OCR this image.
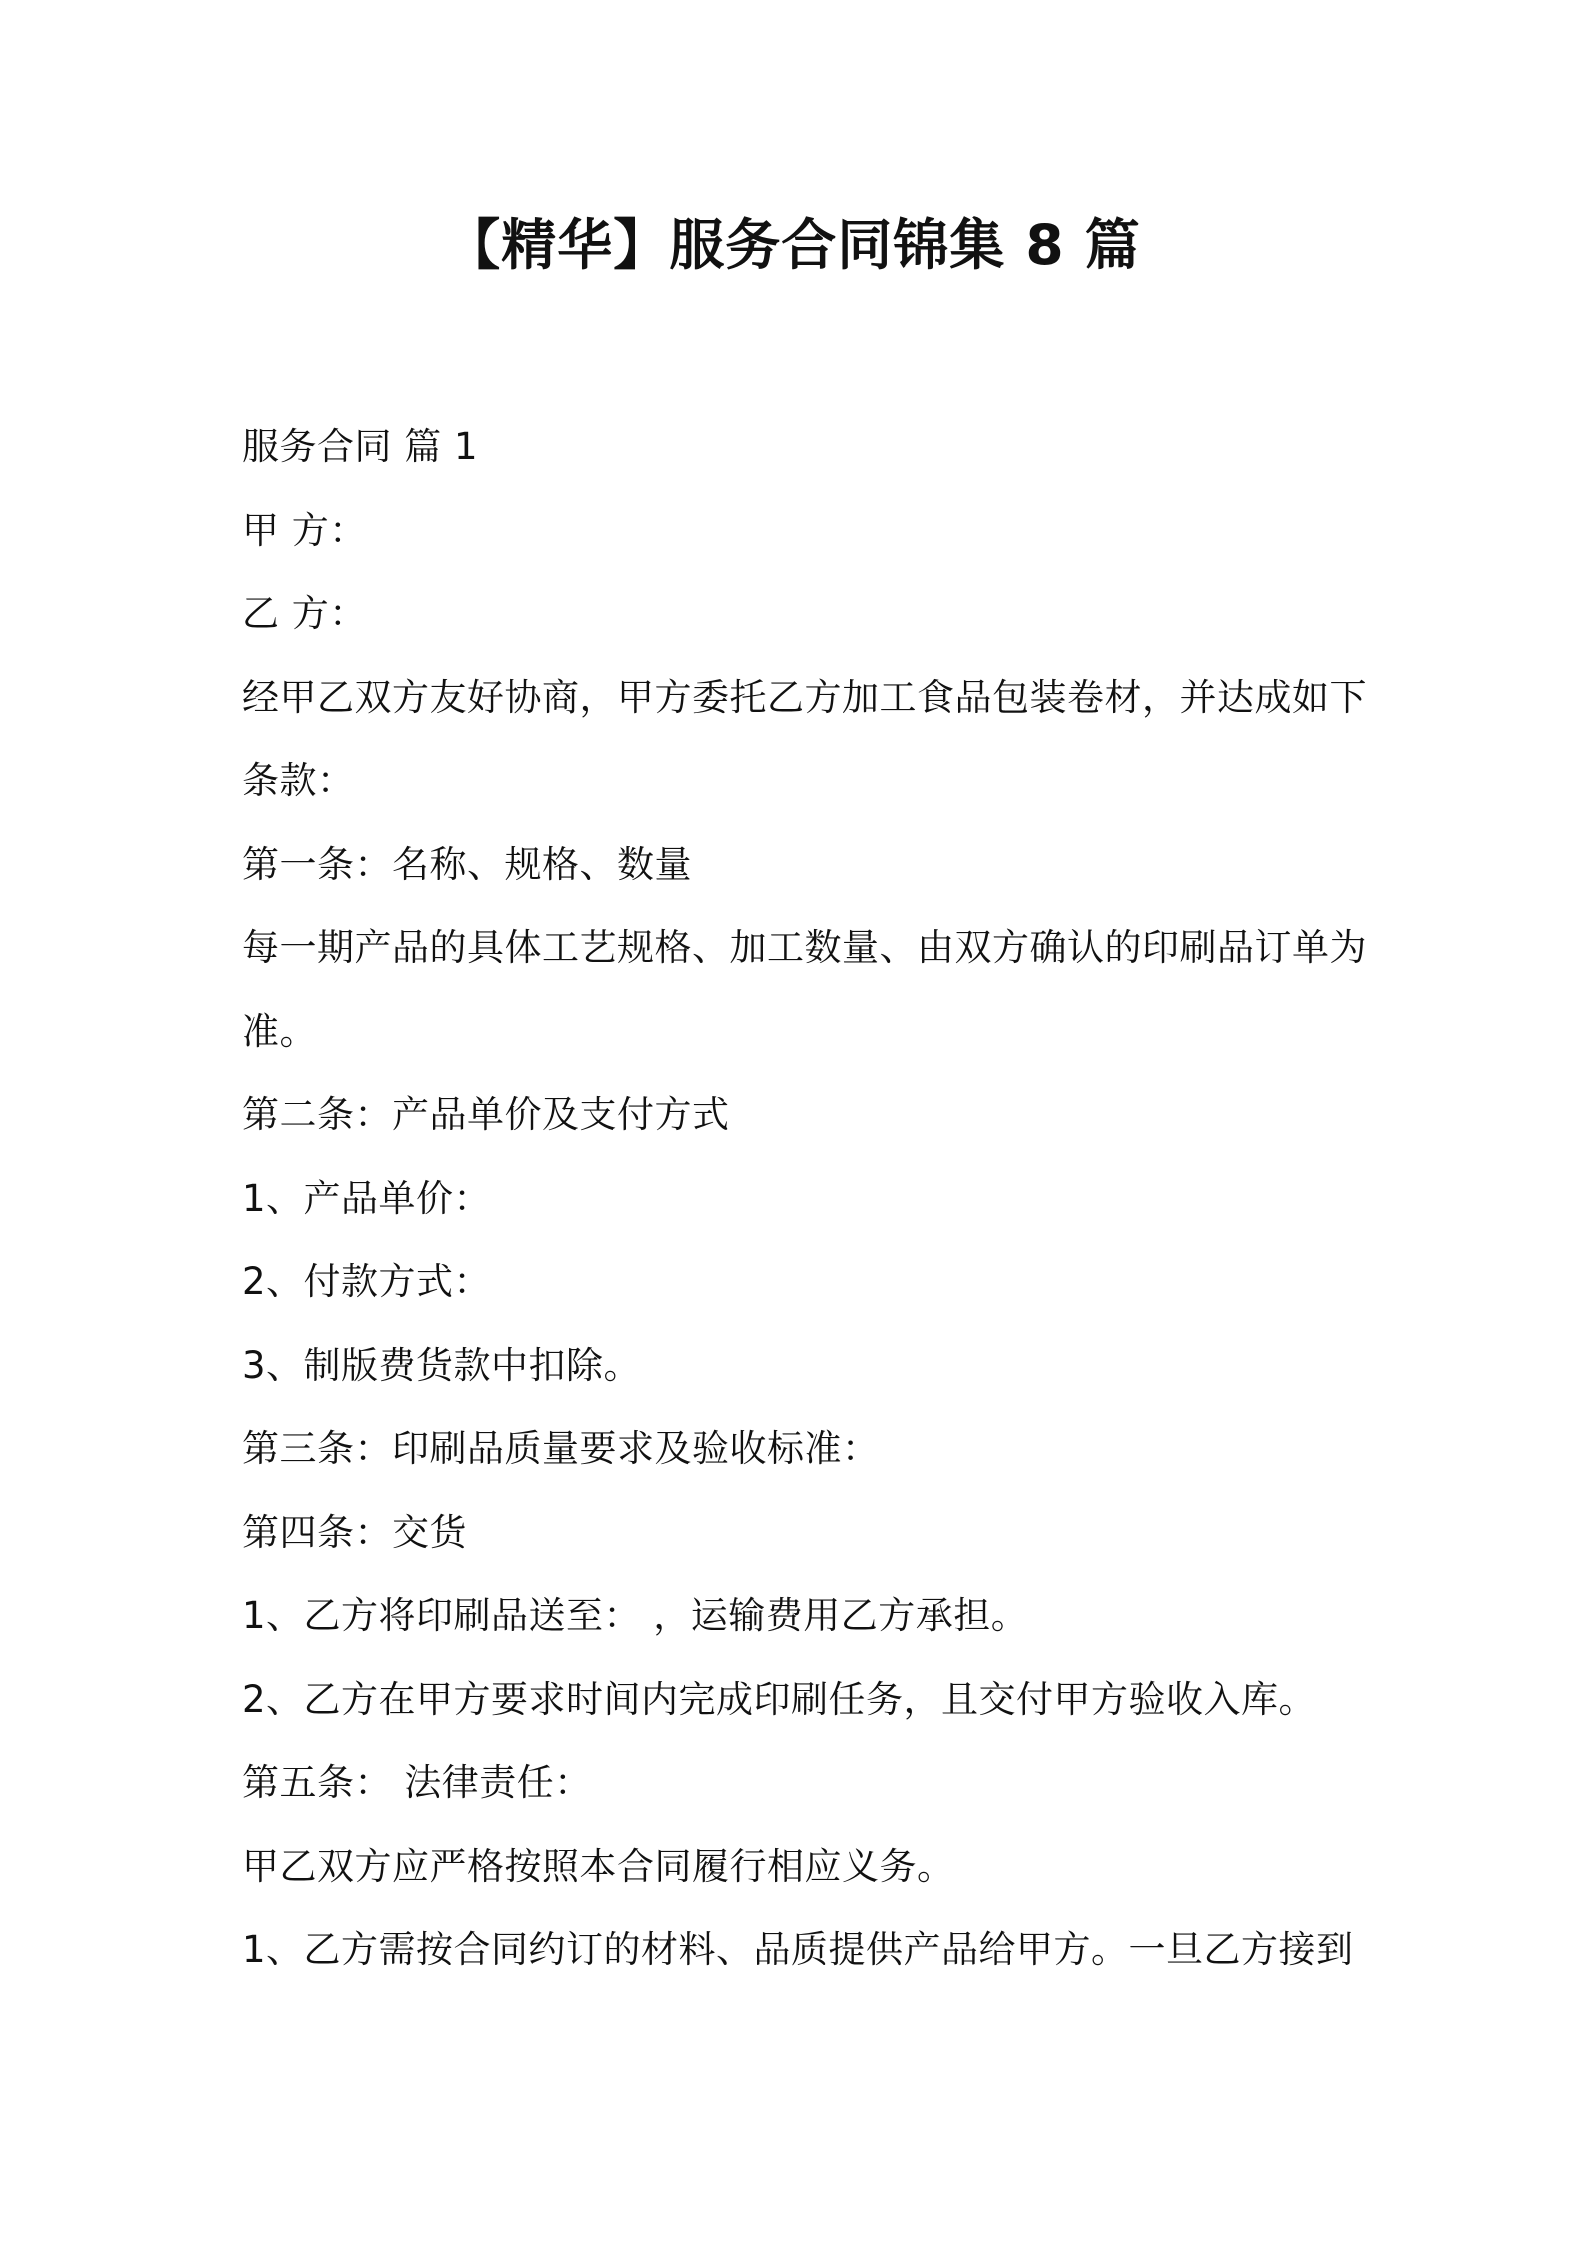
【精华】服务合同锦集 8 篇

服务合同 篇 1

甲 方：

乙 方：

经甲乙双方友好协商，甲方委托乙方加工食品包装卷材，并达成如下

条款：

第一条：名称、规格、数量

每一期产品的具体工艺规格、加工数量、由双方确认的印刷品订单为

准。

第二条：产品单价及支付方式

1、产品单价：

2、付款方式：

3、制版费货款中扣除。

第三条：印刷品质量要求及验收标准：

第四条：交货

1、乙方将印刷品送至： ，运输费用乙方承担。

2、乙方在甲方要求时间内完成印刷任务，且交付甲方验收入库。

第五条： 法律责任：

甲乙双方应严格按照本合同履行相应义务。

1、乙方需按合同约订的材料、品质提供产品给甲方。一旦乙方接到
